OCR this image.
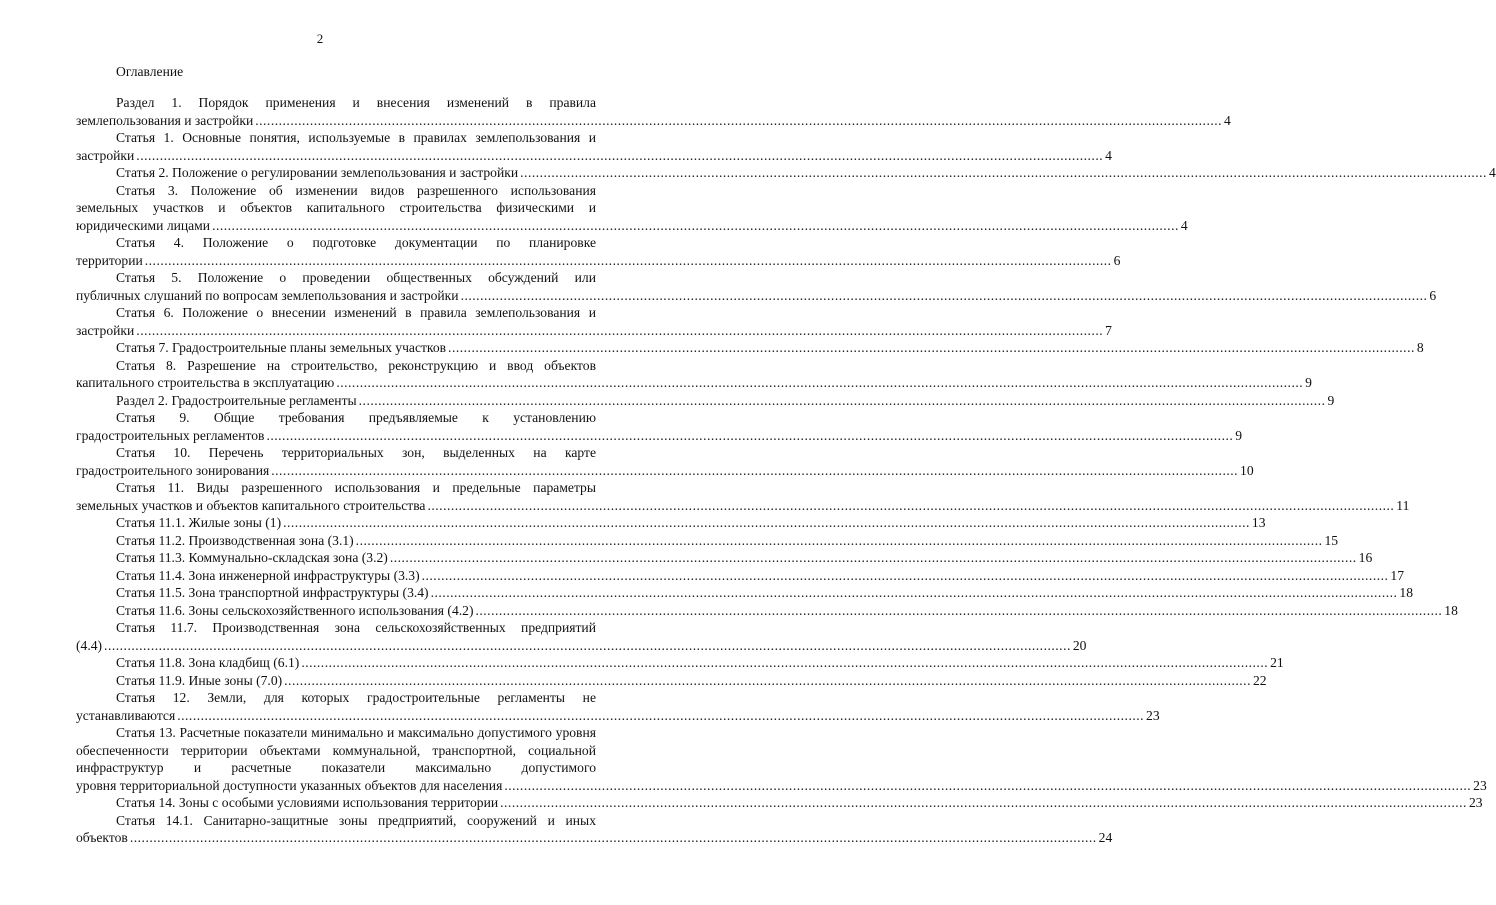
2
Оглавление
Раздел 1. Порядок применения и внесения изменений в правила
землепользования и застройки ........................................................................................................................................................................................................................................................ 4
Статья 1. Основные понятия, используемые в правилах землепользования и
застройки ........................................................................................................................................................................................................................................................ 4
Статья 2. Положение о регулировании землепользования и застройки ........................................................................................................................................................................................................................................................ 4
Статья 3. Положение об изменении видов разрешенного использования земельных участков и объектов капитального строительства физическими и
юридическими лицами ........................................................................................................................................................................................................................................................ 4
Статья 4. Положение о подготовке документации по планировке
территории ........................................................................................................................................................................................................................................................ 6
Статья 5. Положение о проведении общественных обсуждений или
публичных слушаний по вопросам землепользования и застройки ........................................................................................................................................................................................................................................................ 6
Статья 6. Положение о внесении изменений в правила землепользования и
застройки ........................................................................................................................................................................................................................................................ 7
Статья 7. Градостроительные планы земельных участков ........................................................................................................................................................................................................................................................ 8
Статья 8. Разрешение на строительство, реконструкцию и ввод объектов
капитального строительства в эксплуатацию ........................................................................................................................................................................................................................................................ 9
Раздел 2. Градостроительные регламенты ........................................................................................................................................................................................................................................................ 9
Статья 9. Общие требования предъявляемые к установлению
градостроительных регламентов ........................................................................................................................................................................................................................................................ 9
Статья 10. Перечень территориальных зон, выделенных на карте
градостроительного зонирования ........................................................................................................................................................................................................................................................ 10
Статья 11. Виды разрешенного использования и предельные параметры
земельных участков и объектов капитального строительства ........................................................................................................................................................................................................................................................ 11
Статья 11.1. Жилые зоны (1) ........................................................................................................................................................................................................................................................ 13
Статья 11.2. Производственная зона (3.1) ........................................................................................................................................................................................................................................................ 15
Статья 11.3. Коммунально-складская зона (3.2) ........................................................................................................................................................................................................................................................ 16
Статья 11.4. Зона инженерной инфраструктуры (3.3) ........................................................................................................................................................................................................................................................ 17
Статья 11.5. Зона транспортной инфраструктуры (3.4) ........................................................................................................................................................................................................................................................ 18
Статья 11.6. Зоны сельскохозяйственного использования (4.2) ........................................................................................................................................................................................................................................................ 18
Статья 11.7. Производственная зона сельскохозяйственных предприятий
(4.4) ........................................................................................................................................................................................................................................................ 20
Статья 11.8. Зона кладбищ (6.1) ........................................................................................................................................................................................................................................................ 21
Статья 11.9. Иные зоны (7.0) ........................................................................................................................................................................................................................................................ 22
Статья 12. Земли, для которых градостроительные регламенты не
устанавливаются ........................................................................................................................................................................................................................................................ 23
Статья 13. Расчетные показатели минимально и максимально допустимого уровня обеспеченности территории объектами коммунальной, транспортной, социальной инфраструктур и расчетные показатели максимально допустимого
уровня территориальной доступности указанных объектов для населения ........................................................................................................................................................................................................................................................ 23
Статья 14. Зоны с особыми условиями использования территории ........................................................................................................................................................................................................................................................ 23
Статья 14.1. Санитарно-защитные зоны предприятий, сооружений и иных
объектов ........................................................................................................................................................................................................................................................ 24
